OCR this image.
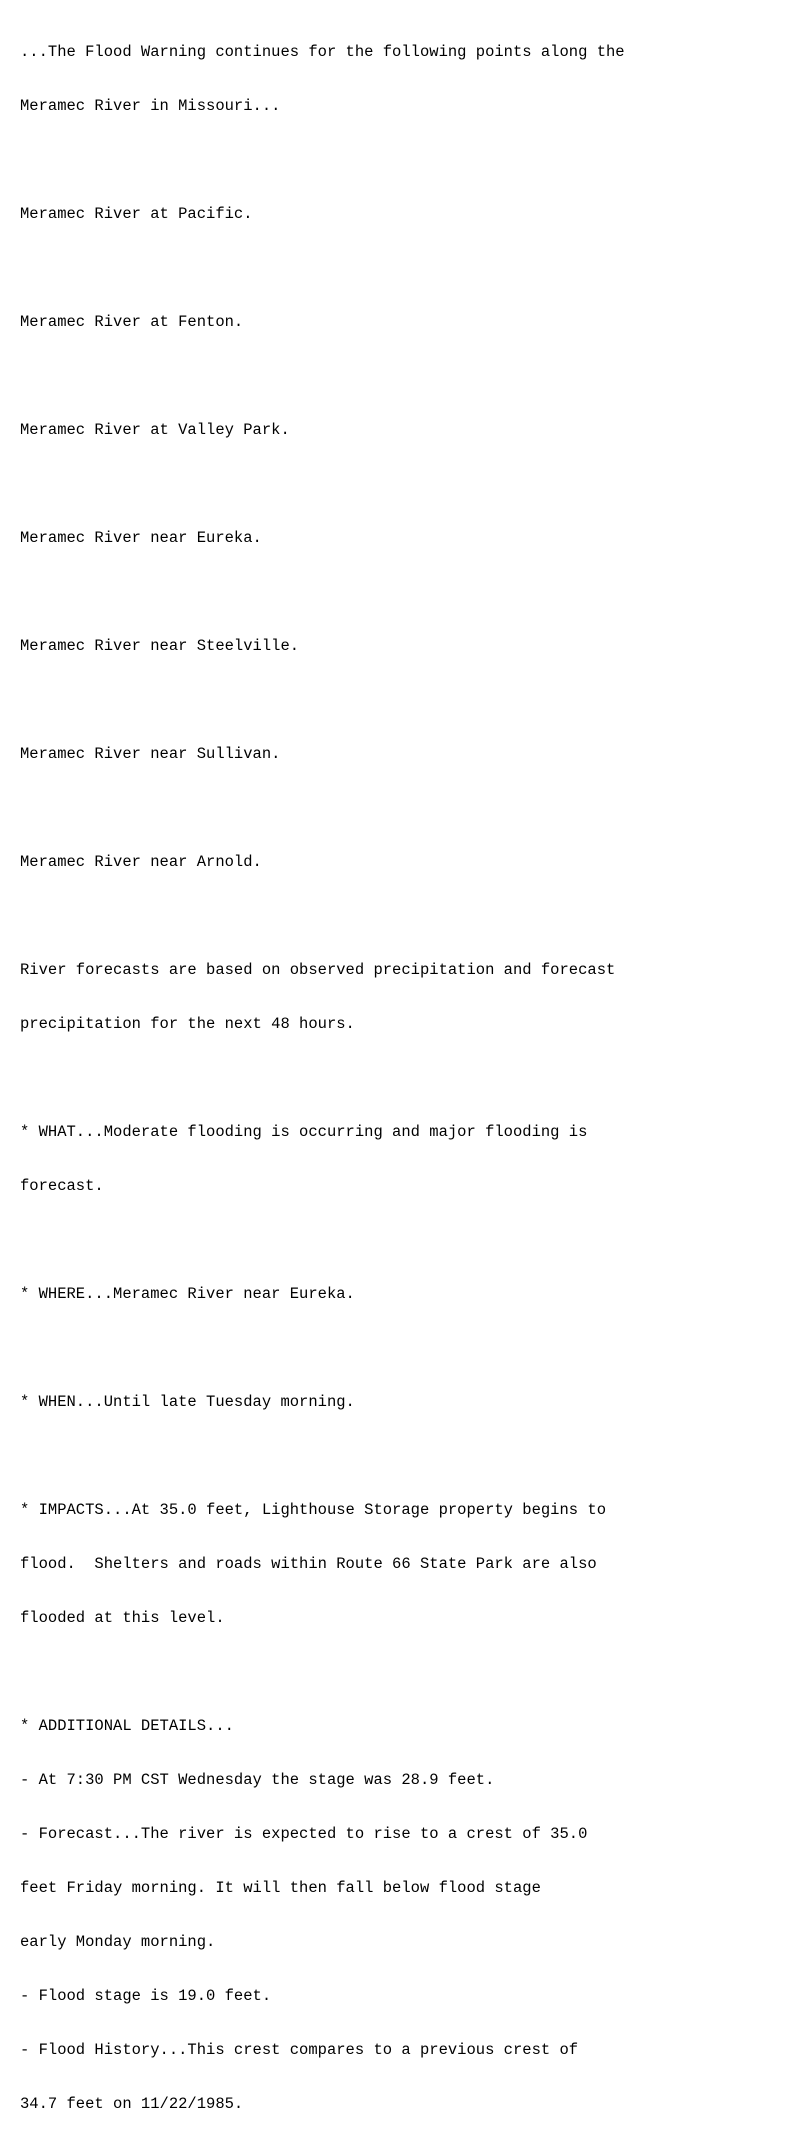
...The Flood Warning continues for the following points along the

Meramec River in Missouri...

Meramec River at Pacific.

Meramec River at Fenton.

Meramec River at Valley Park.

Meramec River near Eureka.

Meramec River near Steelville.

Meramec River near Sullivan.

Meramec River near Arnold.

River forecasts are based on observed precipitation and forecast

precipitation for the next 48 hours.

* WHAT...Moderate flooding is occurring and major flooding is

forecast.

* WHERE...Meramec River near Eureka.

* WHEN...Until late Tuesday morning.

* IMPACTS...At 35.0 feet, Lighthouse Storage property begins to

flood.  Shelters and roads within Route 66 State Park are also

flooded at this level.

* ADDITIONAL DETAILS...

- At 7:30 PM CST Wednesday the stage was 28.9 feet.

- Forecast...The river is expected to rise to a crest of 35.0

feet Friday morning. It will then fall below flood stage

early Monday morning.

- Flood stage is 19.0 feet.

- Flood History...This crest compares to a previous crest of

34.7 feet on 11/22/1985.
